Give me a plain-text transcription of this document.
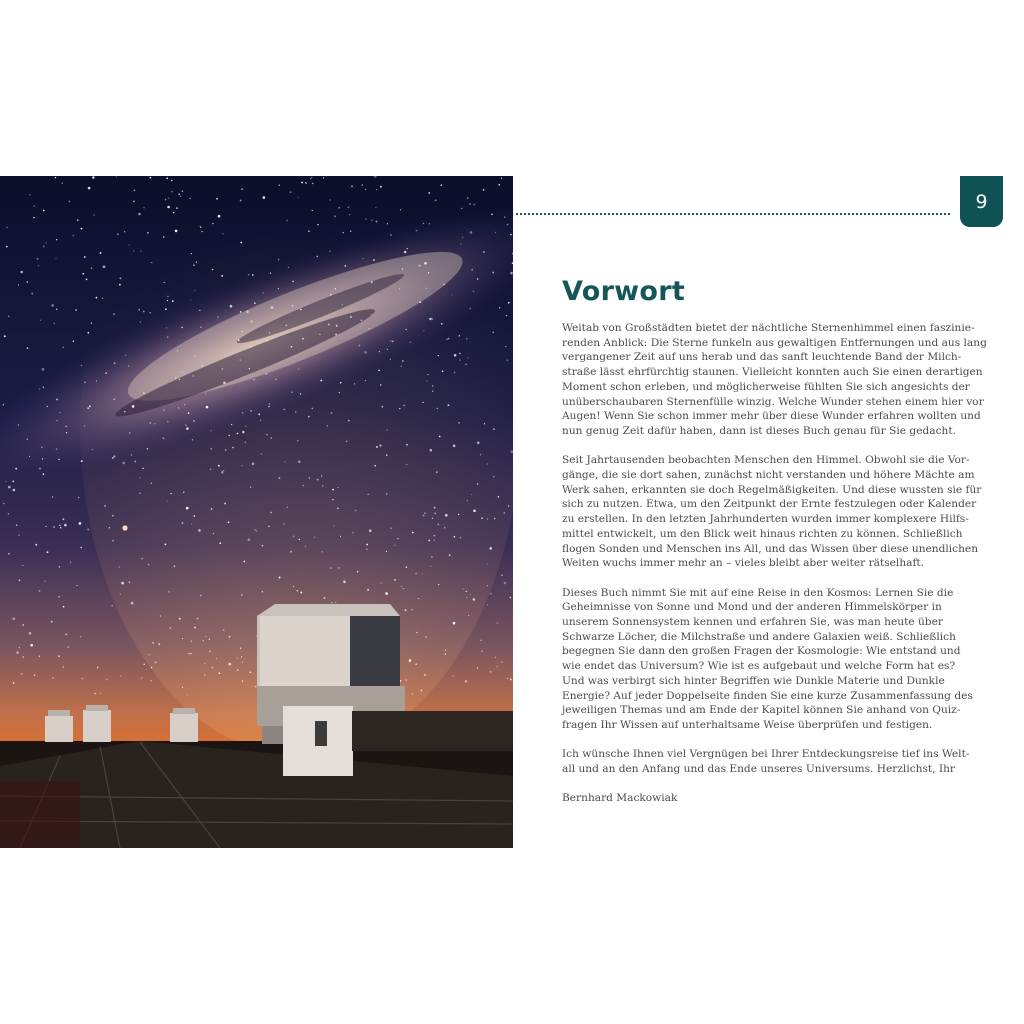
9
Vorwort

Weitab von Großstädten bietet der nächtliche Sternenhimmel einen faszinie-
renden Anblick: Die Sterne funkeln aus gewaltigen Entfernungen und aus lang
vergangener Zeit auf uns herab und das sanft leuchtende Band der Milch-
straße lässt ehrfürchtig staunen. Vielleicht konnten auch Sie einen derartigen
Moment schon erleben, und möglicherweise fühlten Sie sich angesichts der
unüberschaubaren Sternenfülle winzig. Welche Wunder stehen einem hier vor
Augen! Wenn Sie schon immer mehr über diese Wunder erfahren wollten und
nun genug Zeit dafür haben, dann ist dieses Buch genau für Sie gedacht.

Seit Jahrtausenden beobachten Menschen den Himmel. Obwohl sie die Vor-
gänge, die sie dort sahen, zunächst nicht verstanden und höhere Mächte am
Werk sahen, erkannten sie doch Regelmäßigkeiten. Und diese wussten sie für
sich zu nutzen. Etwa, um den Zeitpunkt der Ernte festzulegen oder Kalender
zu erstellen. In den letzten Jahrhunderten wurden immer komplexere Hilfs-
mittel entwickelt, um den Blick weit hinaus richten zu können. Schließlich
flogen Sonden und Menschen ins All, und das Wissen über diese unendlichen
Weiten wuchs immer mehr an – vieles bleibt aber weiter rätselhaft.

Dieses Buch nimmt Sie mit auf eine Reise in den Kosmos: Lernen Sie die
Geheimnisse von Sonne und Mond und der anderen Himmelskörper in
unserem Sonnensystem kennen und erfahren Sie, was man heute über
Schwarze Löcher, die Milchstraße und andere Galaxien weiß. Schließlich
begegnen Sie dann den großen Fragen der Kosmologie: Wie entstand und
wie endet das Universum? Wie ist es aufgebaut und welche Form hat es?
Und was verbirgt sich hinter Begriffen wie Dunkle Materie und Dunkle
Energie? Auf jeder Doppelseite finden Sie eine kurze Zusammenfassung des
jeweiligen Themas und am Ende der Kapitel können Sie anhand von Quiz-
fragen Ihr Wissen auf unterhaltsame Weise überprüfen und festigen.

Ich wünsche Ihnen viel Vergnügen bei Ihrer Entdeckungsreise tief ins Welt-
all und an den Anfang und das Ende unseres Universums. Herzlichst, Ihr

Bernhard Mackowiak
